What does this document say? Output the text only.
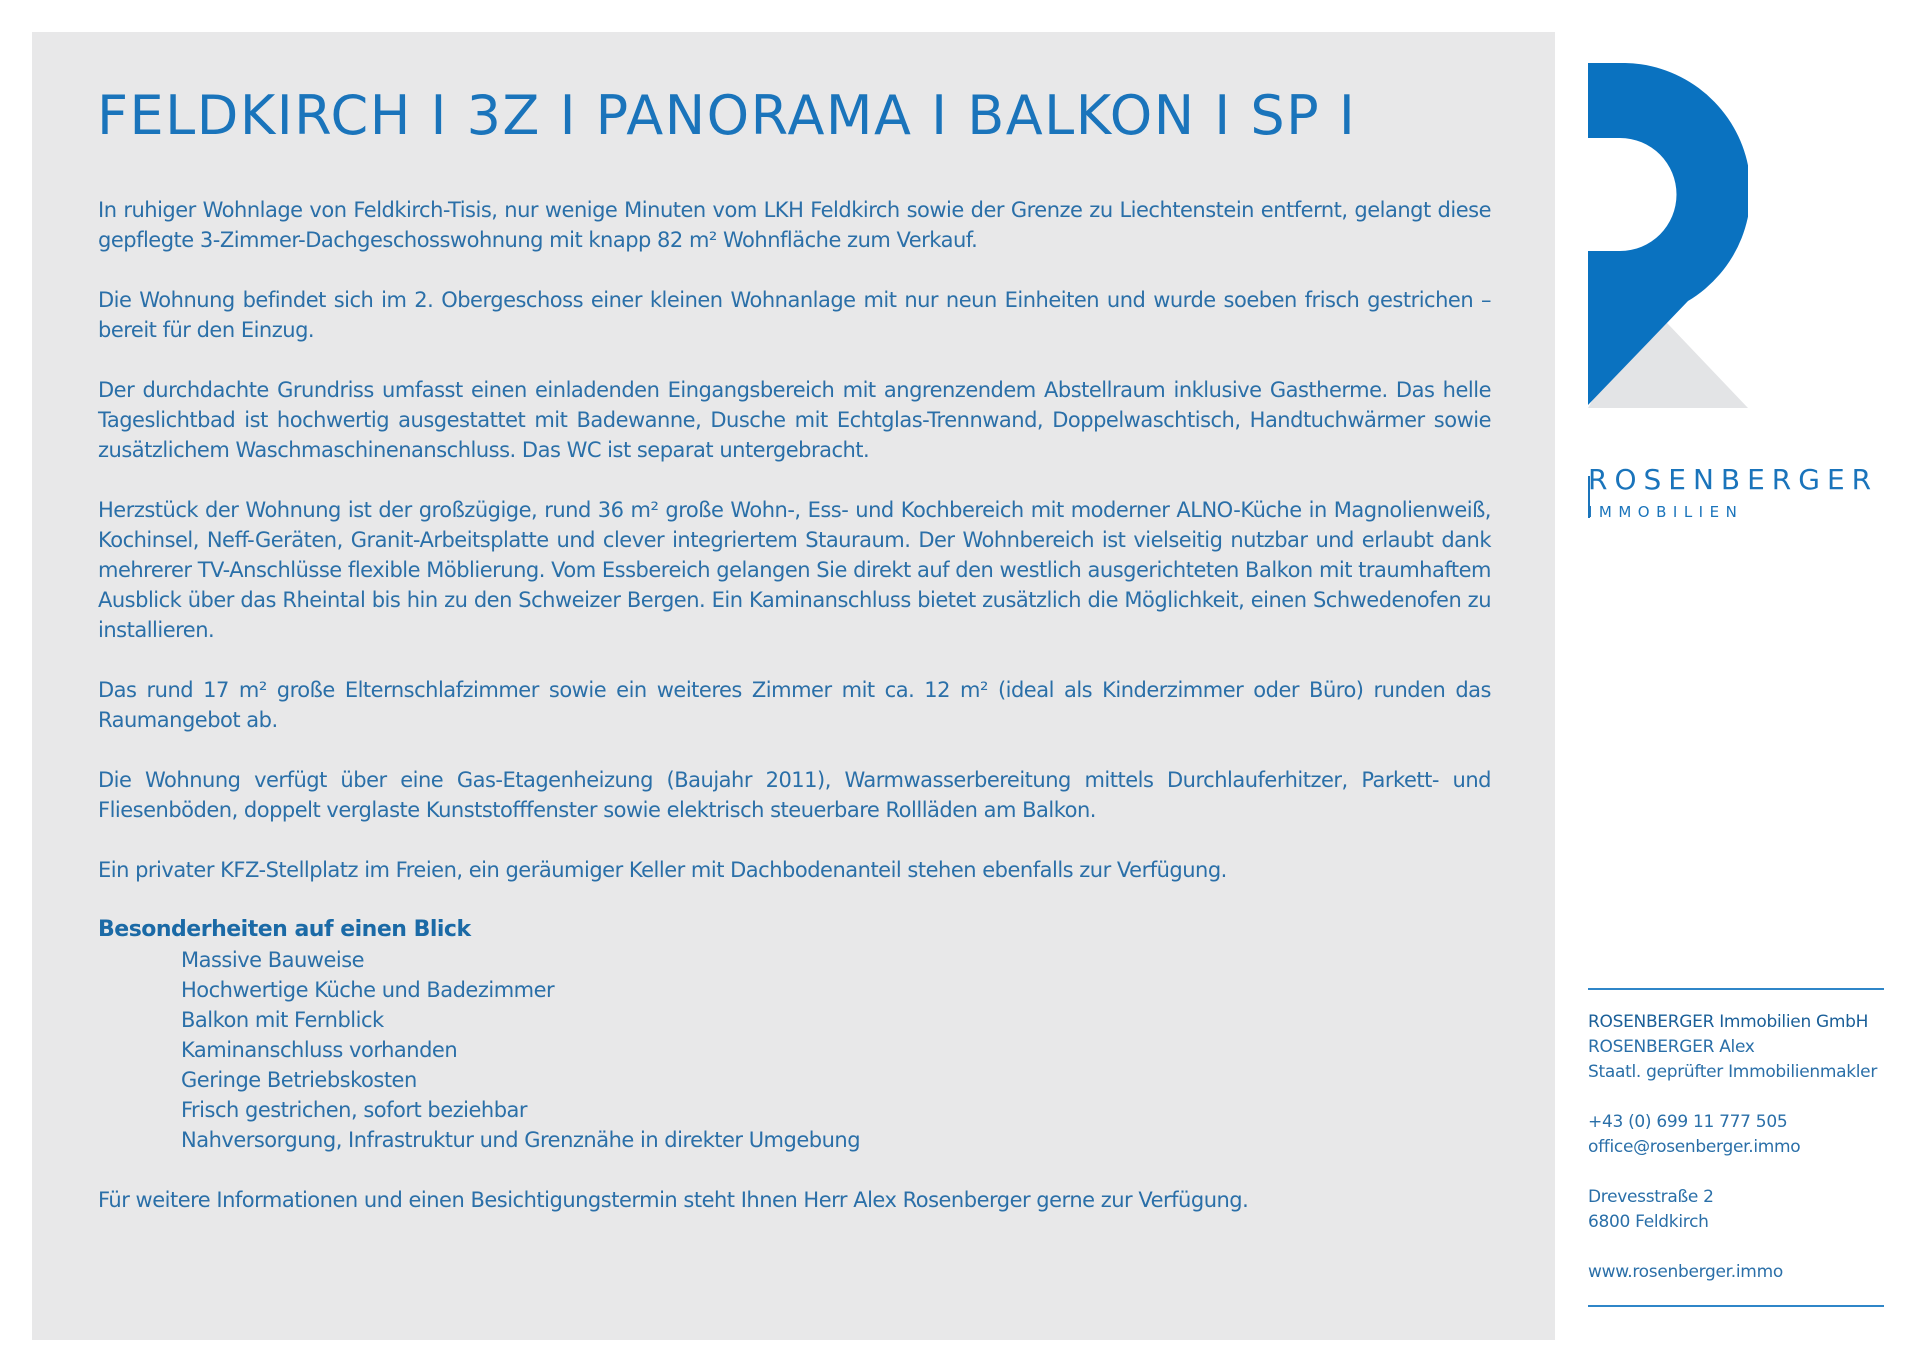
FELDKIRCH I 3Z I PANORAMA I BALKON I SP I

In ruhiger Wohnlage von Feldkirch-Tisis, nur wenige Minuten vom LKH Feldkirch sowie der Grenze zu Liechtenstein entfernt, gelangt diese gepflegte 3-Zimmer-Dachgeschosswohnung mit knapp 82 m² Wohnfläche zum Verkauf.

Die Wohnung befindet sich im 2. Obergeschoss einer kleinen Wohnanlage mit nur neun Einheiten und wurde soeben frisch gestrichen – bereit für den Einzug.

Der durchdachte Grundriss umfasst einen einladenden Eingangsbereich mit angrenzendem Abstellraum inklusive Gastherme. Das helle Tageslichtbad ist hochwertig ausgestattet mit Badewanne, Dusche mit Echtglas-Trennwand, Doppelwaschtisch, Handtuchwärmer sowie zusätzlichem Waschmaschinenanschluss. Das WC ist separat untergebracht.

Herzstück der Wohnung ist der großzügige, rund 36 m² große Wohn-, Ess- und Kochbereich mit moderner ALNO-Küche in Magnolienweiß, Kochinsel, Neff-Geräten, Granit-Arbeitsplatte und clever integriertem Stauraum. Der Wohnbereich ist vielseitig nutzbar und erlaubt dank mehrerer TV-Anschlüsse flexible Möblierung. Vom Essbereich gelangen Sie direkt auf den westlich ausgerichteten Balkon mit traumhaftem Ausblick über das Rheintal bis hin zu den Schweizer Bergen. Ein Kaminanschluss bietet zusätzlich die Möglichkeit, einen Schwedenofen zu installieren.

Das rund 17 m² große Elternschlafzimmer sowie ein weiteres Zimmer mit ca. 12 m² (ideal als Kinderzimmer oder Büro) runden das Raumangebot ab.

Die Wohnung verfügt über eine Gas-Etagenheizung (Baujahr 2011), Warmwasserbereitung mittels Durchlauferhitzer, Parkett- und Fliesenböden, doppelt verglaste Kunststofffenster sowie elektrisch steuerbare Rollläden am Balkon.

Ein privater KFZ-Stellplatz im Freien, ein geräumiger Keller mit Dachbodenanteil stehen ebenfalls zur Verfügung.

Besonderheiten auf einen Blick
Massive Bauweise
Hochwertige Küche und Badezimmer
Balkon mit Fernblick
Kaminanschluss vorhanden
Geringe Betriebskosten
Frisch gestrichen, sofort beziehbar
Nahversorgung, Infrastruktur und Grenznähe in direkter Umgebung

Für weitere Informationen und einen Besichtigungstermin steht Ihnen Herr Alex Rosenberger gerne zur Verfügung.

ROSENBERGER
IMMOBILIEN
ROSENBERGER Immobilien GmbH
ROSENBERGER Alex
Staatl. geprüfter Immobilienmakler
+43 (0) 699 11 777 505
office@rosenberger.immo
Drevesstraße 2
6800 Feldkirch
www.rosenberger.immo
